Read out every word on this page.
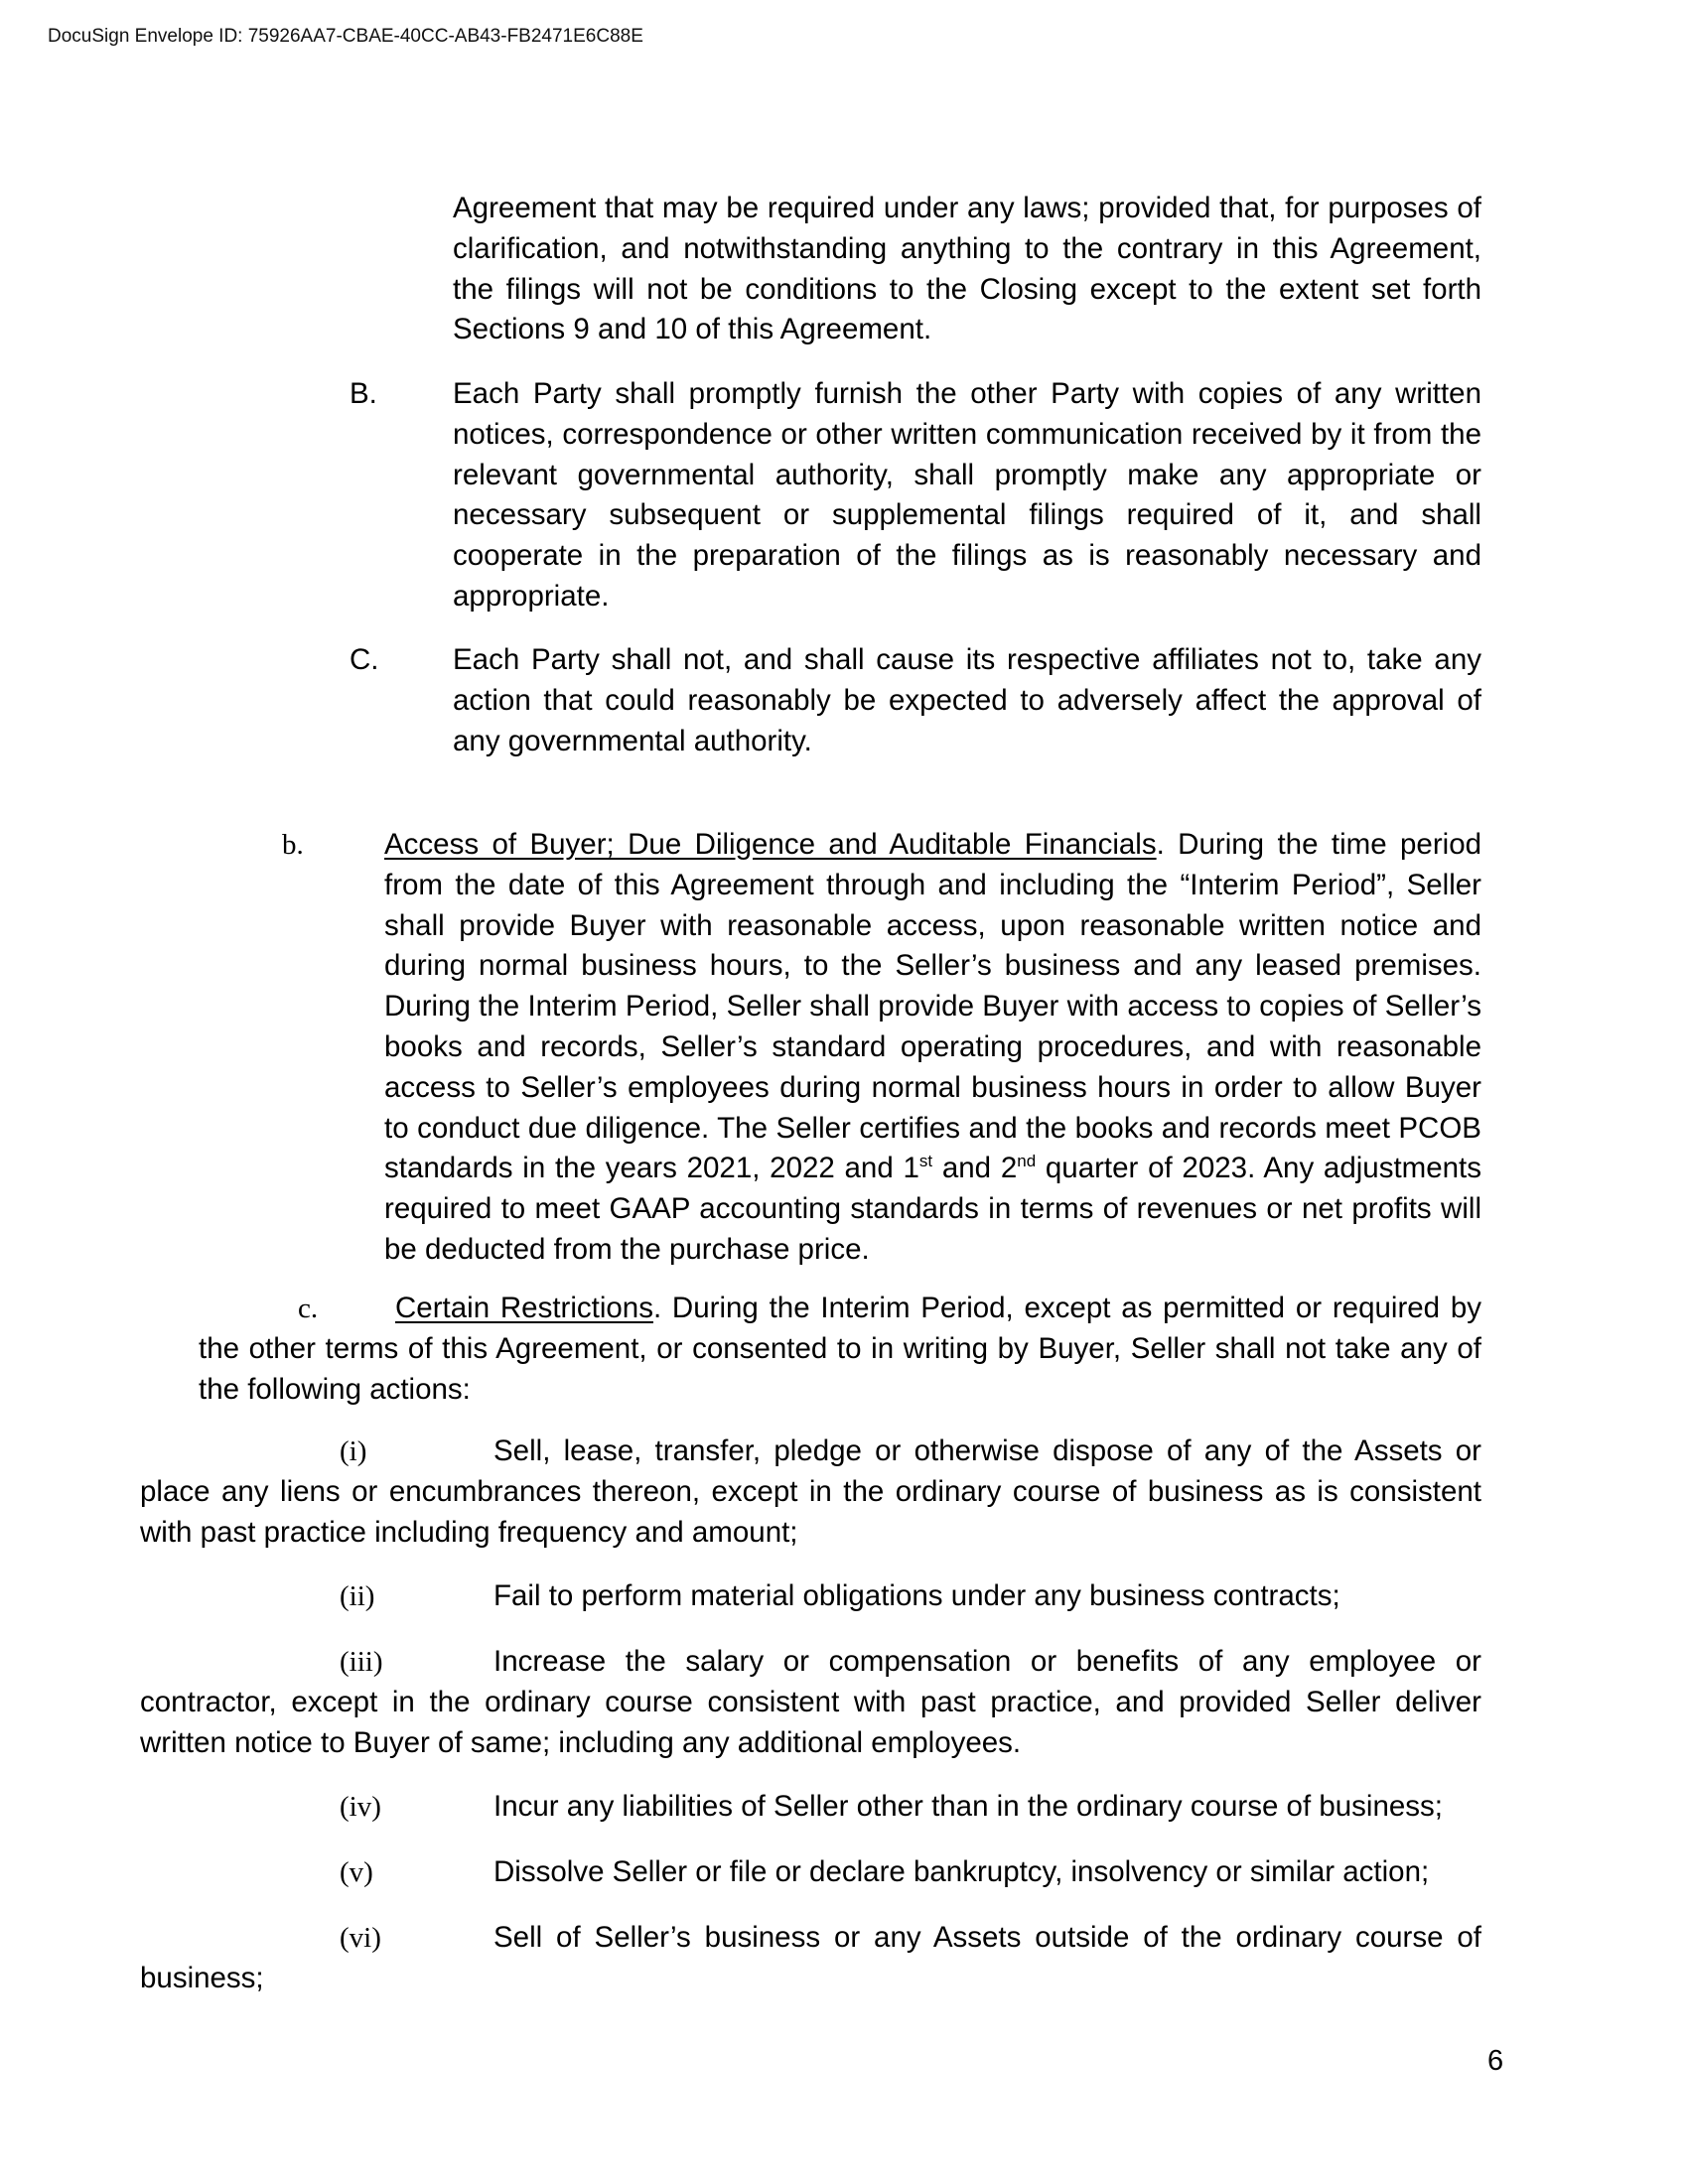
DocuSign Envelope ID: 75926AA7-CBAE-40CC-AB43-FB2471E6C88E

Agreement that may be required under any laws; provided that, for purposes of clarification, and notwithstanding anything to the contrary in this Agreement, the filings will not be conditions to the Closing except to the extent set forth Sections 9 and 10 of this Agreement.

B.	Each Party shall promptly furnish the other Party with copies of any written notices, correspondence or other written communication received by it from the relevant governmental authority, shall promptly make any appropriate or necessary subsequent or supplemental filings required of it, and shall cooperate in the preparation of the filings as is reasonably necessary and appropriate.

C.	Each Party shall not, and shall cause its respective affiliates not to, take any action that could reasonably be expected to adversely affect the approval of any governmental authority.

b.	Access of Buyer; Due Diligence and Auditable Financials. During the time period from the date of this Agreement through and including the “Interim Period”, Seller shall provide Buyer with reasonable access, upon reasonable written notice and during normal business hours, to the Seller’s business and any leased premises. During the Interim Period, Seller shall provide Buyer with access to copies of Seller’s books and records, Seller’s standard operating procedures, and with reasonable access to Seller’s employees during normal business hours in order to allow Buyer to conduct due diligence. The Seller certifies and the books and records meet PCOB standards in the years 2021, 2022 and 1st and 2nd quarter of 2023. Any adjustments required to meet GAAP accounting standards in terms of revenues or net profits will be deducted from the purchase price.

c.	Certain Restrictions. During the Interim Period, except as permitted or required by the other terms of this Agreement, or consented to in writing by Buyer, Seller shall not take any of the following actions:

(i)	Sell, lease, transfer, pledge or otherwise dispose of any of the Assets or

place any liens or encumbrances thereon, except in the ordinary course of business as is consistent with past practice including frequency and amount;

(ii)	Fail to perform material obligations under any business contracts;

(iii)	Increase the salary or compensation or benefits of any employee or

contractor, except in the ordinary course consistent with past practice, and provided Seller deliver written notice to Buyer of same; including any additional employees.

(iv)	Incur any liabilities of Seller other than in the ordinary course of business;

(v)	Dissolve Seller or file or declare bankruptcy, insolvency or similar action;

(vi)	Sell of Seller’s business or any Assets outside of the ordinary course of

business;

6
